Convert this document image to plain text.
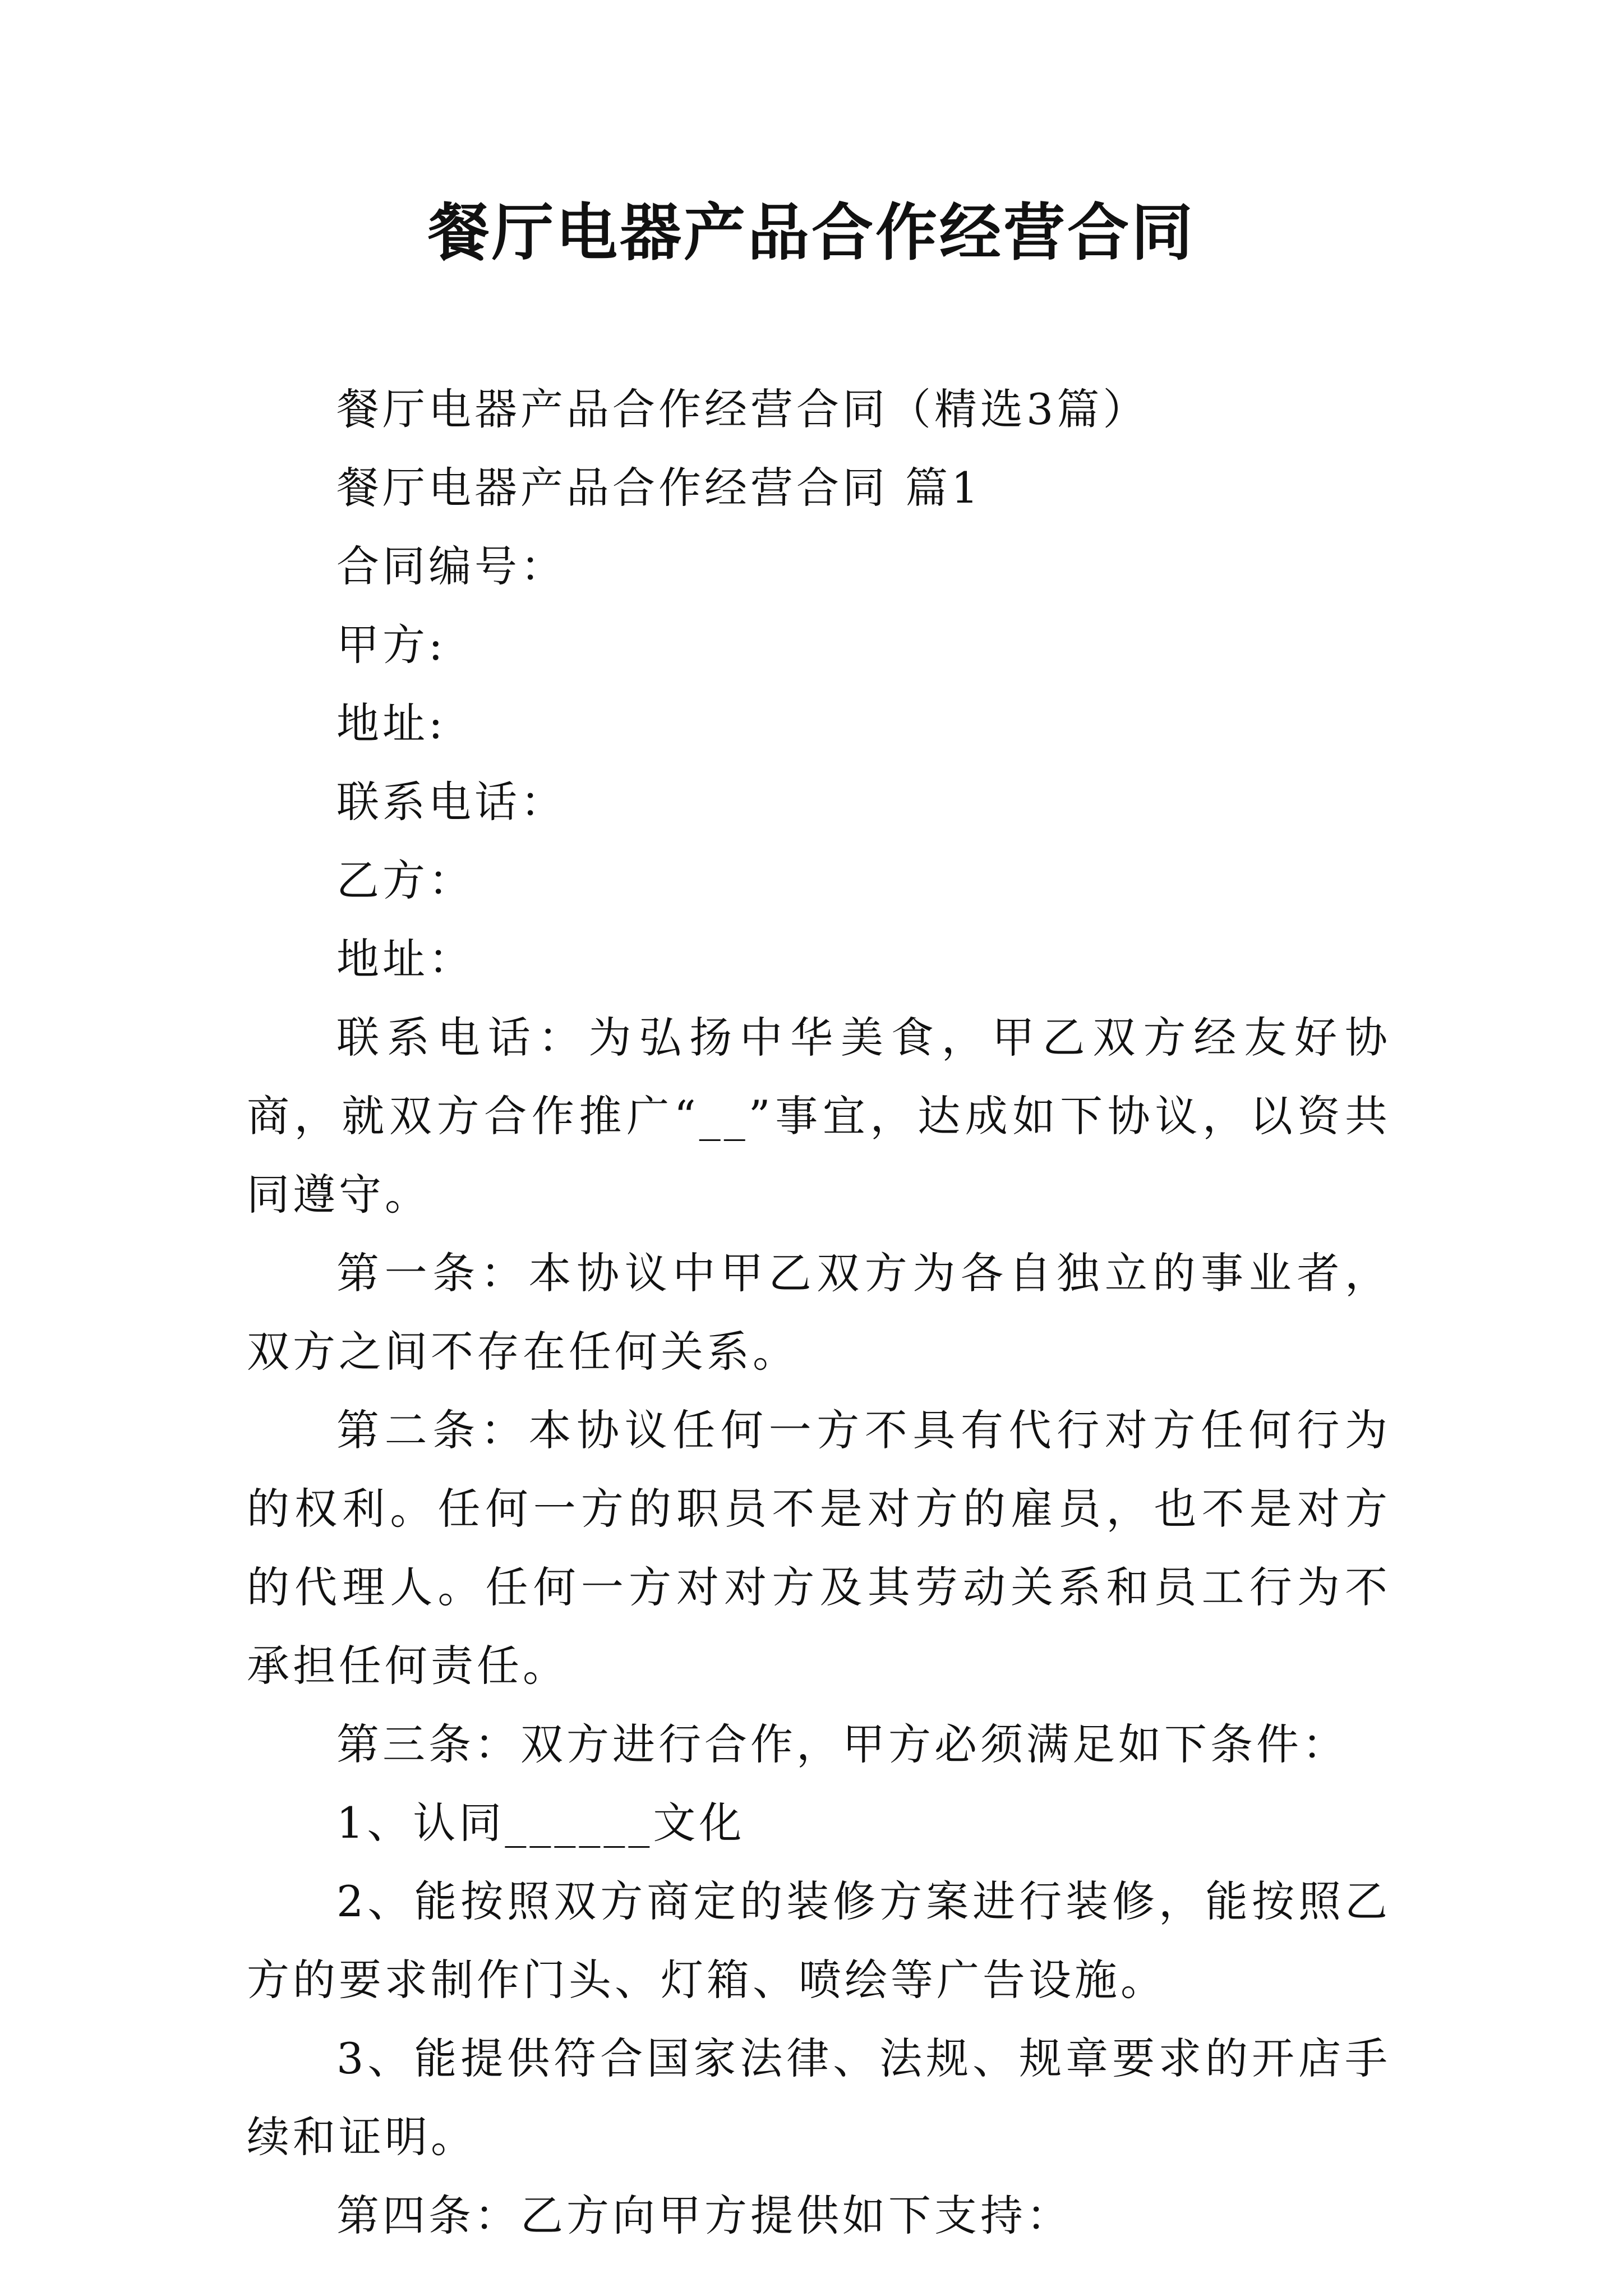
餐厅电器产品合作经营合同

餐厅电器产品合作经营合同（精选3篇）

餐厅电器产品合作经营合同 篇1

合同编号：

甲方:

地址:

联系电话：

乙方：

地址：

联系电话：为弘扬中华美食，甲乙双方经友好协商，就双方合作推广“__”事宜，达成如下协议，以资共同遵守。

第一条：本协议中甲乙双方为各自独立的事业者，双方之间不存在任何关系。

第二条：本协议任何一方不具有代行对方任何行为的权利。任何一方的职员不是对方的雇员，也不是对方的代理人。任何一方对对方及其劳动关系和员工行为不承担任何责任。

第三条：双方进行合作，甲方必须满足如下条件：

1、认同______文化

2、能按照双方商定的装修方案进行装修，能按照乙方的要求制作门头、灯箱、喷绘等广告设施。

3、能提供符合国家法律、法规、规章要求的开店手续和证明。

第四条：乙方向甲方提供如下支持：
